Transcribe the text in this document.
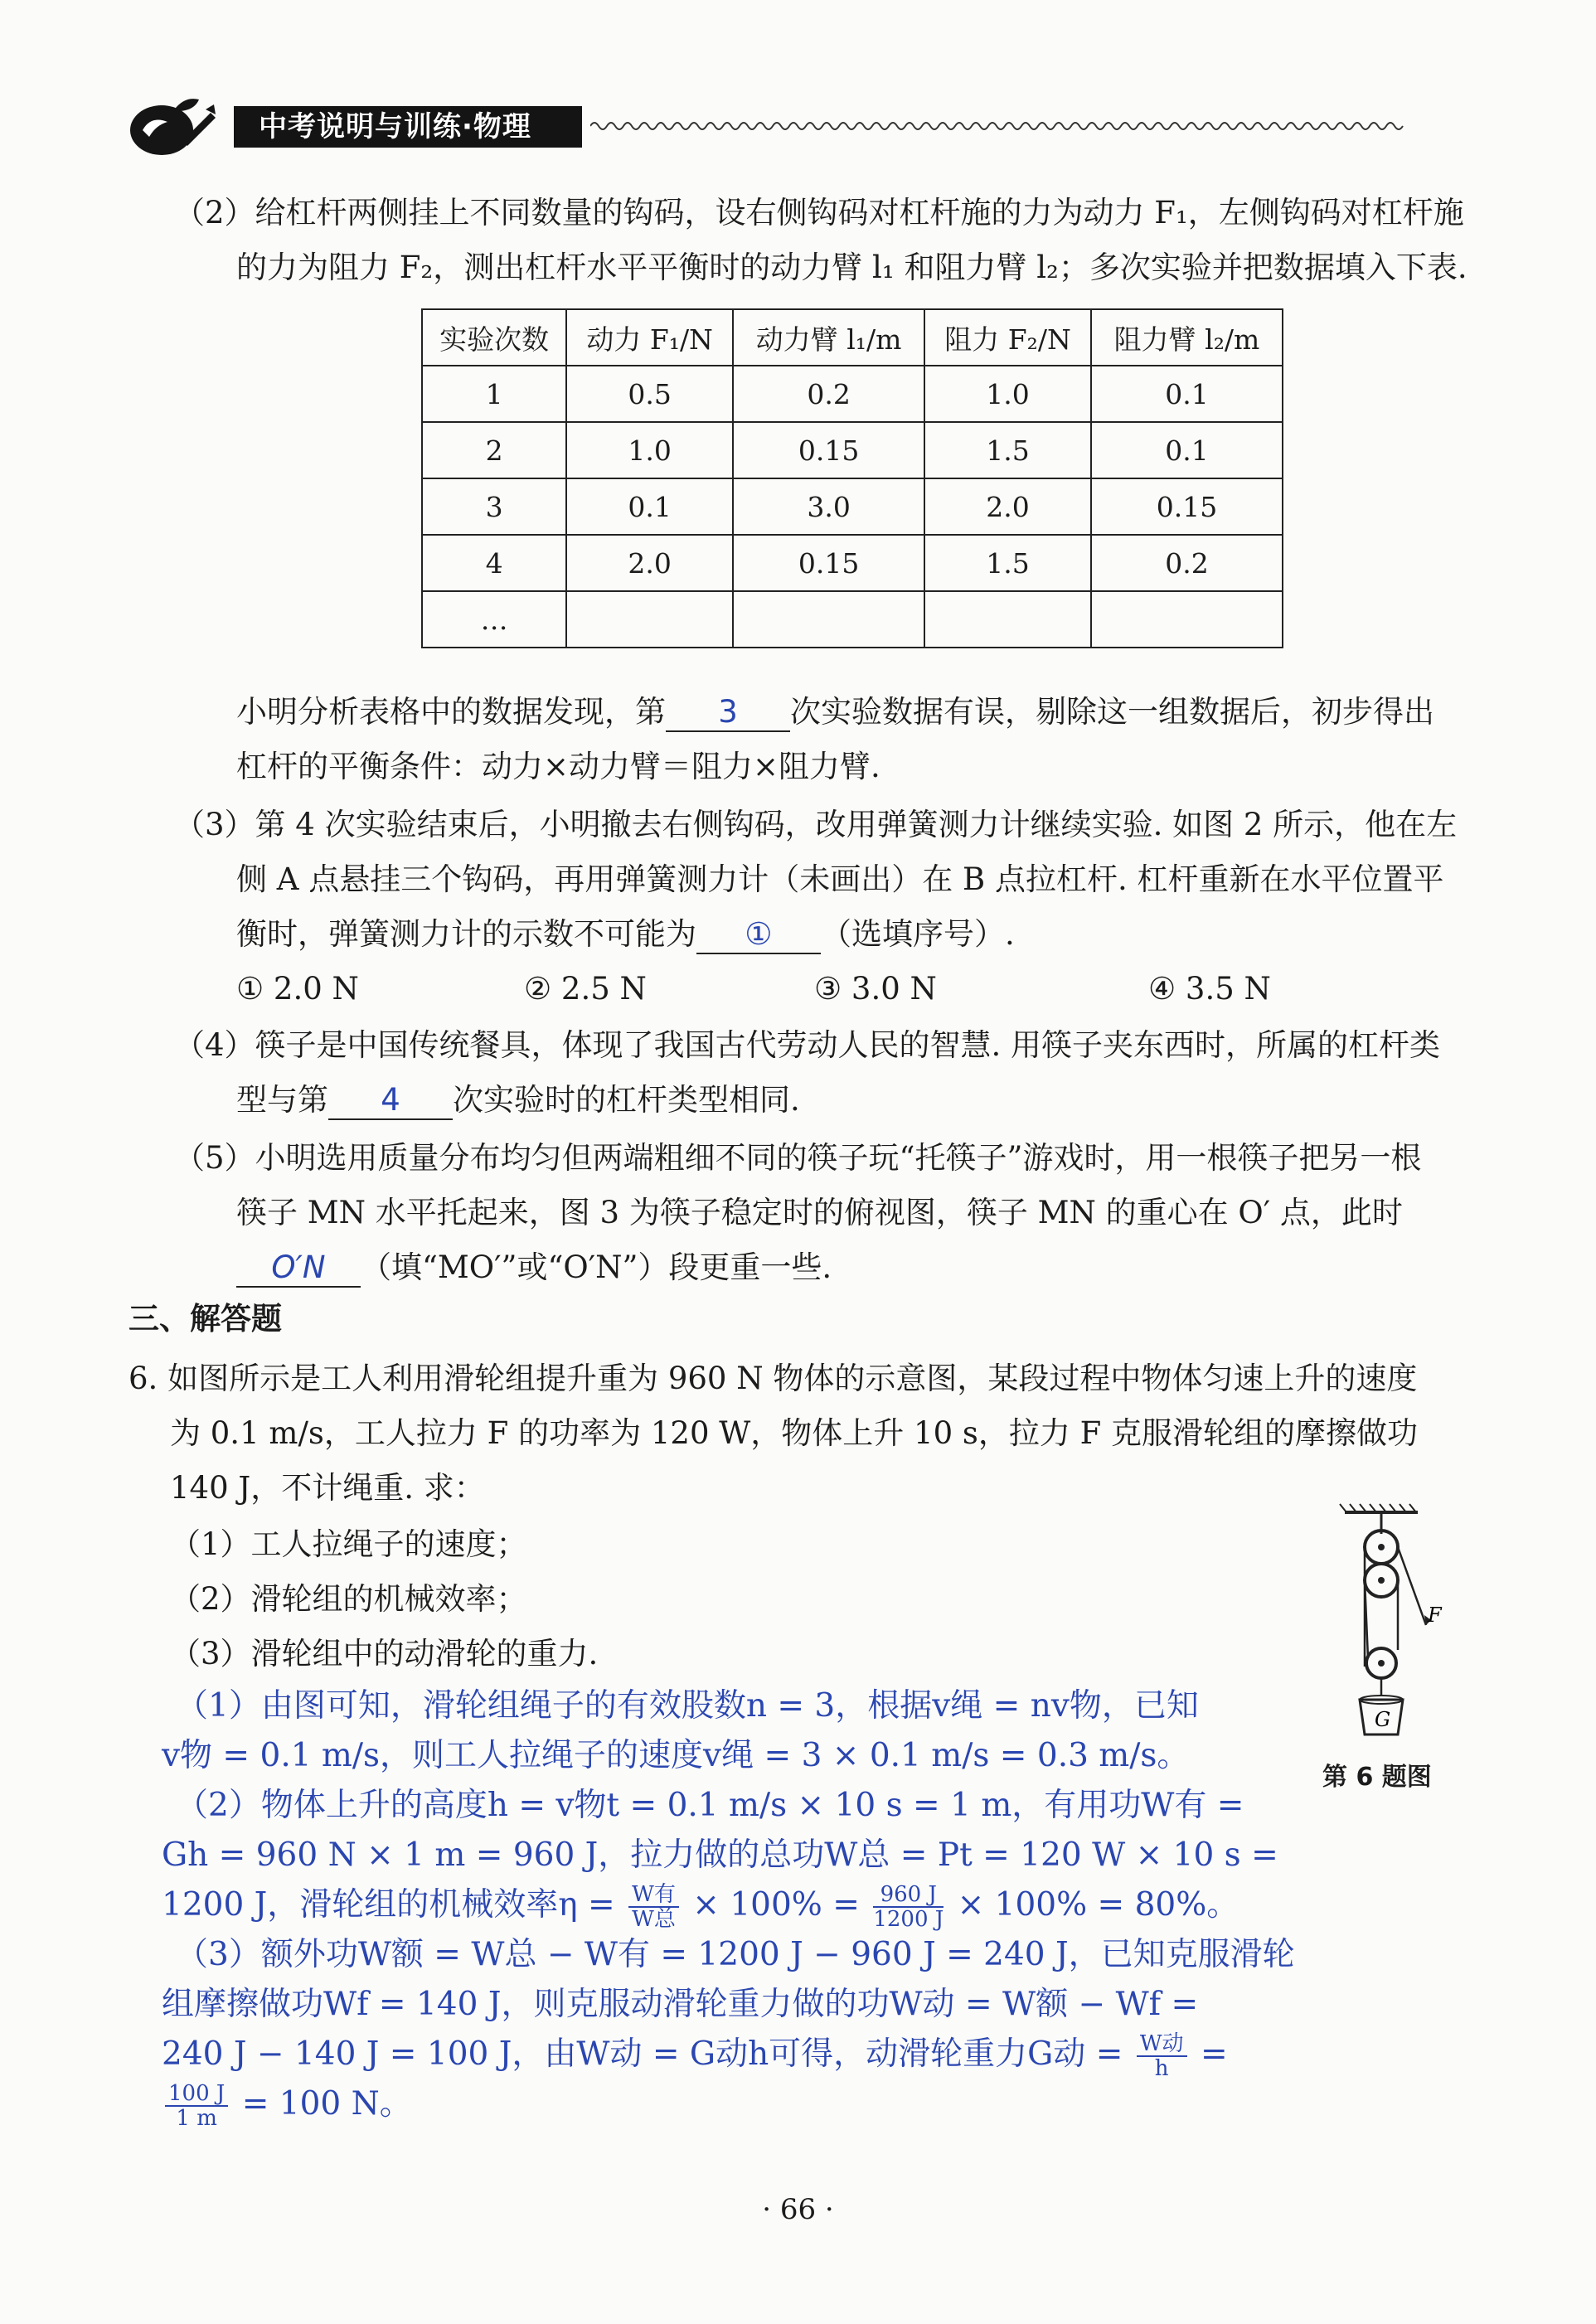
中考说明与训练·物理
（2）给杠杆两侧挂上不同数量的钩码，设右侧钩码对杠杆施的力为动力 F₁，左侧钩码对杠杆施
的力为阻力 F₂，测出杠杆水平平衡时的动力臂 l₁ 和阻力臂 l₂；多次实验并把数据填入下表.
实验次数	动力 F₁/N	动力臂 l₁/m	阻力 F₂/N	阻力臂 l₂/m
1	0.5	0.2	1.0	0.1
2	1.0	0.15	1.5	0.1
3	0.1	3.0	2.0	0.15
4	2.0	0.15	1.5	0.2
…				
小明分析表格中的数据发现，第 3 次实验数据有误，剔除这一组数据后，初步得出
杠杆的平衡条件：动力×动力臂＝阻力×阻力臂.
（3）第 4 次实验结束后，小明撤去右侧钩码，改用弹簧测力计继续实验. 如图 2 所示，他在左
侧 A 点悬挂三个钩码，再用弹簧测力计（未画出）在 B 点拉杠杆. 杠杆重新在水平位置平
衡时，弹簧测力计的示数不可能为 ① （选填序号）.
① 2.0 N	② 2.5 N	③ 3.0 N	④ 3.5 N
（4）筷子是中国传统餐具，体现了我国古代劳动人民的智慧. 用筷子夹东西时，所属的杠杆类
型与第 4 次实验时的杠杆类型相同.
（5）小明选用质量分布均匀但两端粗细不同的筷子玩“托筷子”游戏时，用一根筷子把另一根
筷子 MN 水平托起来，图 3 为筷子稳定时的俯视图，筷子 MN 的重心在 O′ 点，此时
O′N （填“MO′”或“O′N”）段更重一些.
三、解答题
6. 如图所示是工人利用滑轮组提升重为 960 N 物体的示意图，某段过程中物体匀速上升的速度
为 0.1 m/s，工人拉力 F 的功率为 120 W，物体上升 10 s，拉力 F 克服滑轮组的摩擦做功
140 J，不计绳重. 求：
（1）工人拉绳子的速度；
（2）滑轮组的机械效率；
（3）滑轮组中的动滑轮的重力.
F
G
第 6 题图
（1）由图可知，滑轮组绳子的有效股数n = 3，根据v绳 = nv物，已知
v物 = 0.1 m/s，则工人拉绳子的速度v绳 = 3 × 0.1 m/s = 0.3 m/s。
（2）物体上升的高度h = v物t = 0.1 m/s × 10 s = 1 m，有用功W有 =
Gh = 960 N × 1 m = 960 J，拉力做的总功W总 = Pt = 120 W × 10 s =
1200 J，滑轮组的机械效率$\eta = \frac{\text{W有}}{\text{W总}} \times 100\% = \frac{960 J}{1200 J} \times 100\% = 80\%$。
（3）额外功W额 = W总 − W有 = 1200 J − 960 J = 240 J，已知克服滑轮
组摩擦做功Wf = 140 J，则克服动滑轮重力做的功W动 = W额 − Wf =
240 J − 140 J = 100 J，由W动 = G动h可得，动滑轮重力G动 = $\frac{\text{W动}}{h}$ =
$\frac{100 J}{1 m} = 100$ N。
· 66 ·
